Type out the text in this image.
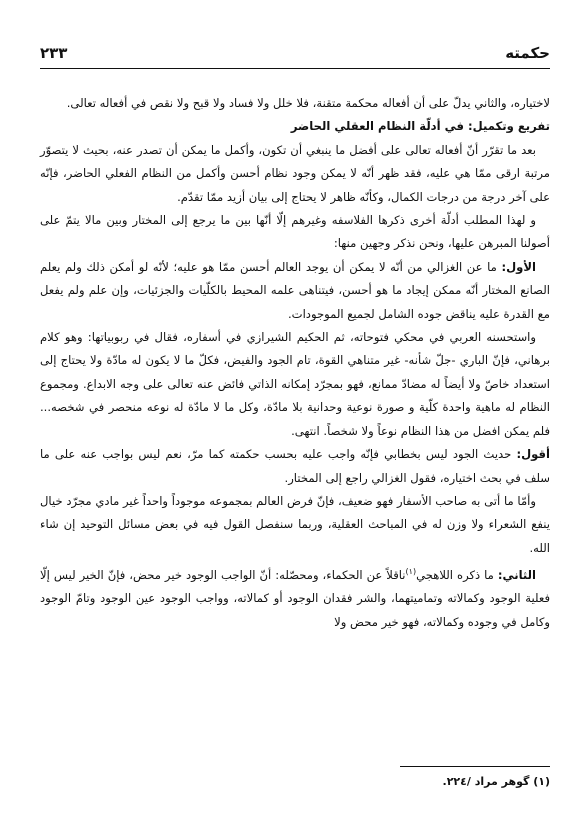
حكمته
٢٣٣

لاختياره، والثاني يدلّ على أن أفعاله محكمة متقنة، فلا خلل ولا فساد ولا قبح ولا نقص في أفعاله تعالى.

تفريع وتكميل: في أدلّة النظام العقلي الحاضر

بعد ما تقرّر أنّ أفعاله تعالى على أفضل ما ينبغي أن تكون، وأكمل ما يمكن أن تصدر عنه، بحيث لا يتصوّر مرتبة ارقى ممّا هي عليه، فقد ظهر أنّه لا يمكن وجود نظام أحسن وأكمل من النظام الفعلي الحاضر، فإنّه على آخر درجة من درجات الكمال، وكأنّه ظاهر لا يحتاج إلى بيان أزيد ممّا تقدّم.

و لهذا المطلب أدلّة أخرى ذكرها الفلاسفه وغيرهم إلّا أنّها بين ما يرجع إلى المختار وبين مالا يتمّ على أصولنا المبرهن عليها، ونحن نذكر وجهين منها:

الأول: ما عن الغزالي من أنّه لا يمكن أن يوجد العالم أحسن ممّا هو عليه؛ لأنّه لو أمكن ذلك ولم يعلم الصانع المختار أنّه ممكن إيجاد ما هو أحسن، فيتناهى علمه المحيط بالكلّيات والجزئيات، وإن علم ولم يفعل مع القدرة عليه يناقض جوده الشامل لجميع الموجودات.

واستحسنه العربي في محكي فتوحاته، ثم الحكيم الشيرازي في أسفاره، فقال في ربوبياتها: وهو كلام برهاني، فإنّ الباري -جلّ شأنه- غير متناهي القوة، تام الجود والفيض، فكلّ ما لا يكون له مادّة ولا يحتاج إلى استعداد خاصّ ولا أيضاً له مضادّ ممانع، فهو بمجرّد إمكانه الذاتي فائض عنه تعالى على وجه الابداع. ومجموع النظام له ماهية واحدة كلّية و صورة نوعية وحدانية بلا مادّة، وكل ما لا مادّة له نوعه منحصر في شخصه... فلم يمكن افضل من هذا النظام نوعاً ولا شخصاً. انتهى.

أقول: حديث الجود ليس بخطابي فإنّه واجب عليه بحسب حكمته كما مرّ، نعم ليس بواجب عنه على ما سلف في بحث اختياره، فقول الغزالي راجع إلى المختار.

وأمّا ما أتى به صاحب الأسفار فهو ضعيف، فإنّ فرض العالم بمجموعه موجوداً واحداً غير مادي مجرّد خيال ينفع الشعراء ولا وزن له في المباحث العقلية، وربما سنفصل القول فيه في بعض مسائل التوحيد إن شاء الله.

الثاني: ما ذكره اللاهجي$^{(١)}$ناقلاً عن الحكماء، ومحصّله: أنّ الواجب الوجود خير محض، فإنّ الخير ليس إلّا فعلية الوجود وكمالاته وتماميتهما، والشر فقدان الوجود أو كمالاته، وواجب الوجود عين الوجود وتامّ الوجود وكامل في وجوده وكمالاته، فهو خير محض ولا

(١) گوهر مراد /٢٢٤.
